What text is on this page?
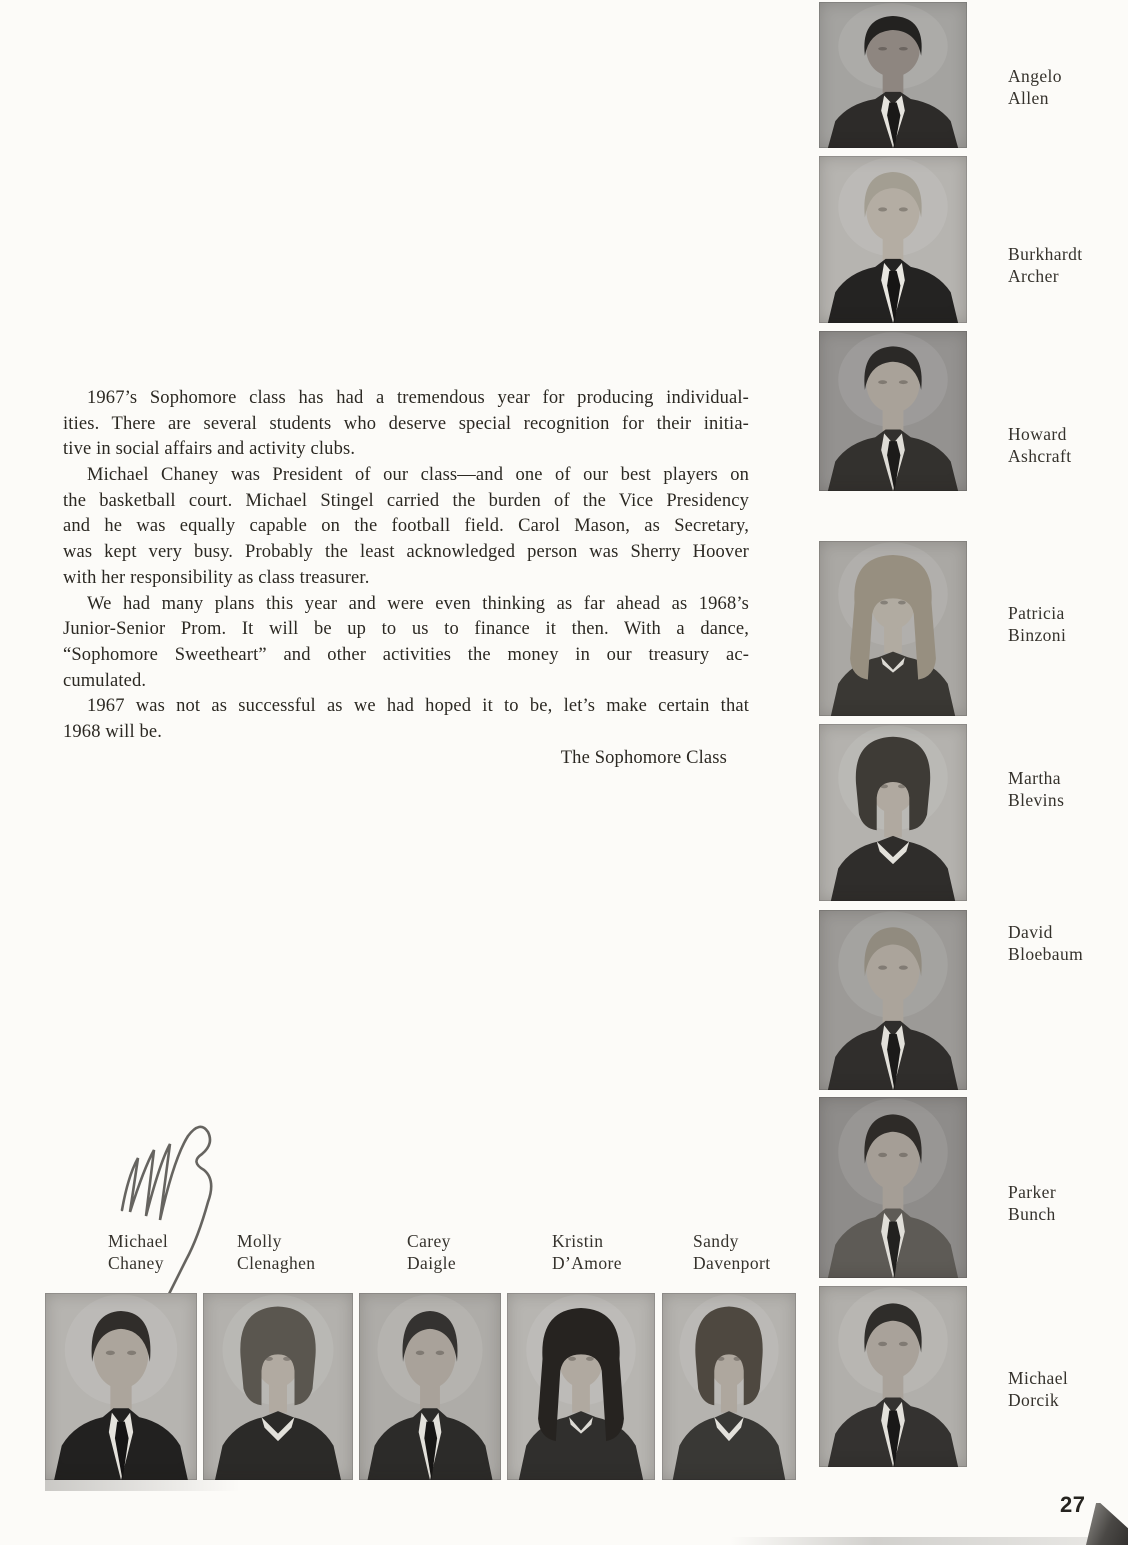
1967’s Sophomore class has had a tremendous year for producing individual-
ities. There are several students who deserve special recognition for their initia-
tive in social affairs and activity clubs.
Michael Chaney was President of our class—and one of our best players on
the basketball court. Michael Stingel carried the burden of the Vice Presidency
and he was equally capable on the football field. Carol Mason, as Secretary,
was kept very busy. Probably the least acknowledged person was Sherry Hoover
with her responsibility as class treasurer.
We had many plans this year and were even thinking as far ahead as 1968’s
Junior-Senior Prom. It will be up to us to finance it then. With a dance,
“Sophomore Sweetheart” and other activities the money in our treasury ac-
cumulated.
1967 was not as successful as we had hoped it to be, let’s make certain that
1968 will be.
The Sophomore Class
27
Angelo
Allen
Burkhardt
Archer
Howard
Ashcraft
Patricia
Binzoni
Martha
Blevins
David
Bloebaum
Parker
Bunch
Michael
Dorcik
Michael
Chaney
Molly
Clenaghen
Carey
Daigle
Kristin
D’Amore
Sandy
Davenport
